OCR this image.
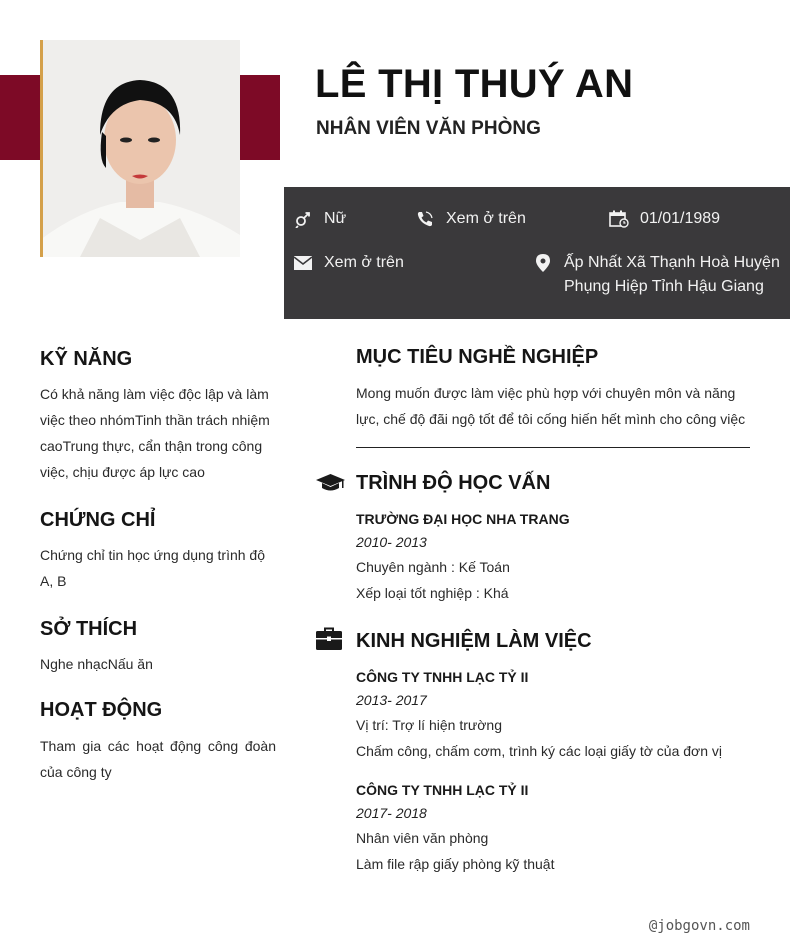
LÊ THỊ THUÝ AN
NHÂN VIÊN VĂN PHÒNG
Nữ	Xem ở trên	01/01/1989
Xem ở trên	Ấp Nhất Xã Thạnh Hoà Huyện
Phụng Hiệp Tỉnh Hậu Giang
KỸ NĂNG
Có khả năng làm việc độc lập và làm
việc theo nhómTinh thần trách nhiệm
caoTrung thực, cẩn thận trong công
việc, chịu được áp lực cao
CHỨNG CHỈ
Chứng chỉ tin học ứng dụng trình độ
A, B
SỞ THÍCH
Nghe nhạcNấu ăn
HOẠT ĐỘNG
Tham gia các hoạt động công đoàn của công ty
MỤC TIÊU NGHỀ NGHIỆP
Mong muốn được làm việc phù hợp với chuyên môn và năng
lực, chế độ đãi ngộ tốt để tôi cống hiến hết mình cho công việc
TRÌNH ĐỘ HỌC VẤN
TRƯỜNG ĐẠI HỌC NHA TRANG
2010- 2013
Chuyên ngành : Kế Toán
Xếp loại tốt nghiệp : Khá
KINH NGHIỆM LÀM VIỆC
CÔNG TY TNHH LẠC TỶ II
2013- 2017
Vị trí: Trợ lí hiện trường
Chấm công, chấm cơm, trình ký các loại giấy tờ của đơn vị
CÔNG TY TNHH LẠC TỶ II
2017- 2018
Nhân viên văn phòng
Làm file rập giấy phòng kỹ thuật
@jobgovn.com
